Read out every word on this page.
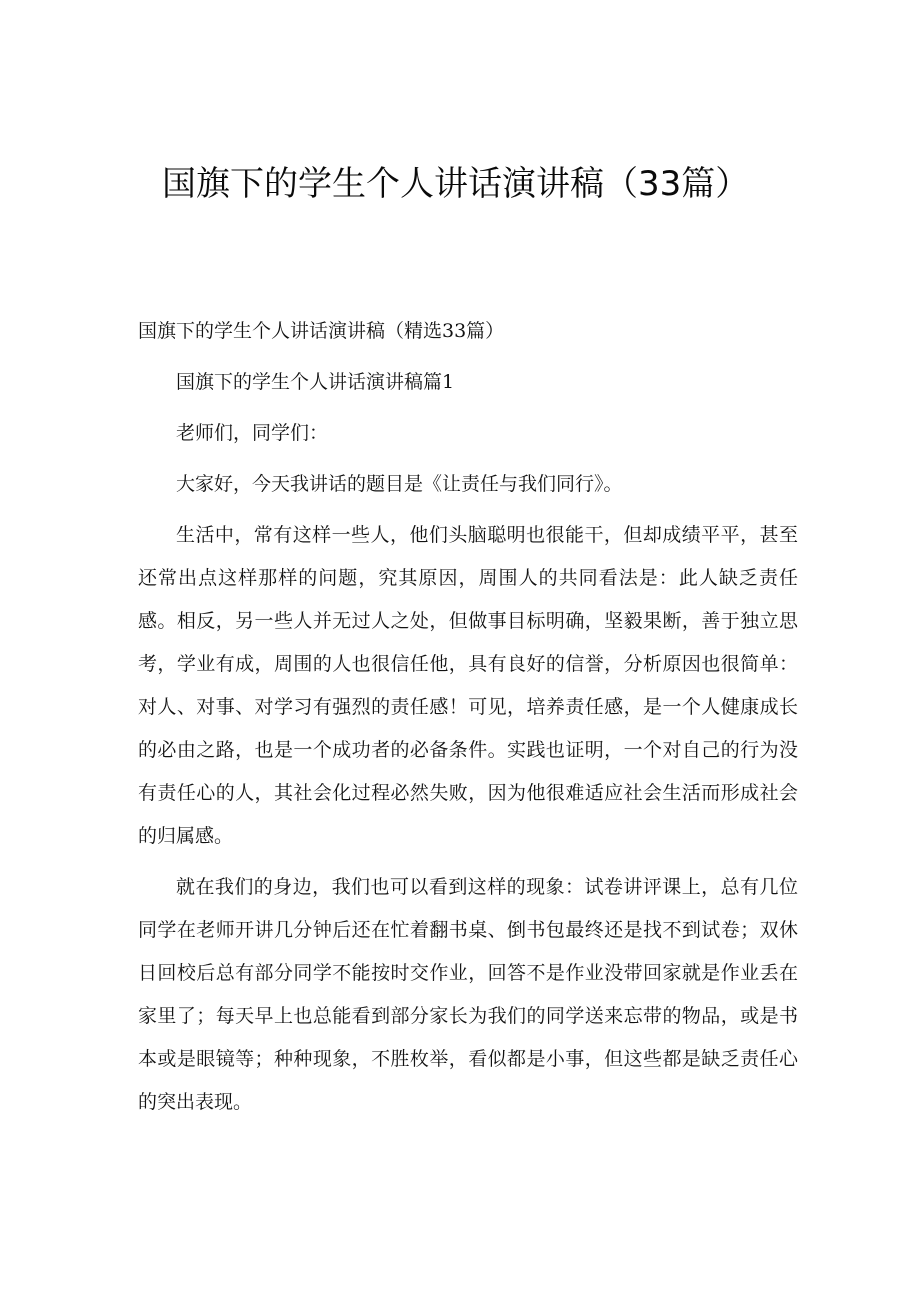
国旗下的学生个人讲话演讲稿（33篇）

国旗下的学生个人讲话演讲稿（精选33篇）

国旗下的学生个人讲话演讲稿篇1

老师们，同学们：

大家好，今天我讲话的题目是《让责任与我们同行》。

生活中，常有这样一些人，他们头脑聪明也很能干，但却成绩平平，甚至还常出点这样那样的问题，究其原因，周围人的共同看法是：此人缺乏责任感。相反，另一些人并无过人之处，但做事目标明确，坚毅果断，善于独立思考，学业有成，周围的人也很信任他，具有良好的信誉，分析原因也很简单：对人、对事、对学习有强烈的责任感！可见，培养责任感，是一个人健康成长的必由之路，也是一个成功者的必备条件。实践也证明，一个对自己的行为没有责任心的人，其社会化过程必然失败，因为他很难适应社会生活而形成社会的归属感。

就在我们的身边，我们也可以看到这样的现象：试卷讲评课上，总有几位同学在老师开讲几分钟后还在忙着翻书桌、倒书包最终还是找不到试卷；双休日回校后总有部分同学不能按时交作业，回答不是作业没带回家就是作业丢在家里了；每天早上也总能看到部分家长为我们的同学送来忘带的物品，或是书本或是眼镜等；种种现象，不胜枚举，看似都是小事，但这些都是缺乏责任心的突出表现。
